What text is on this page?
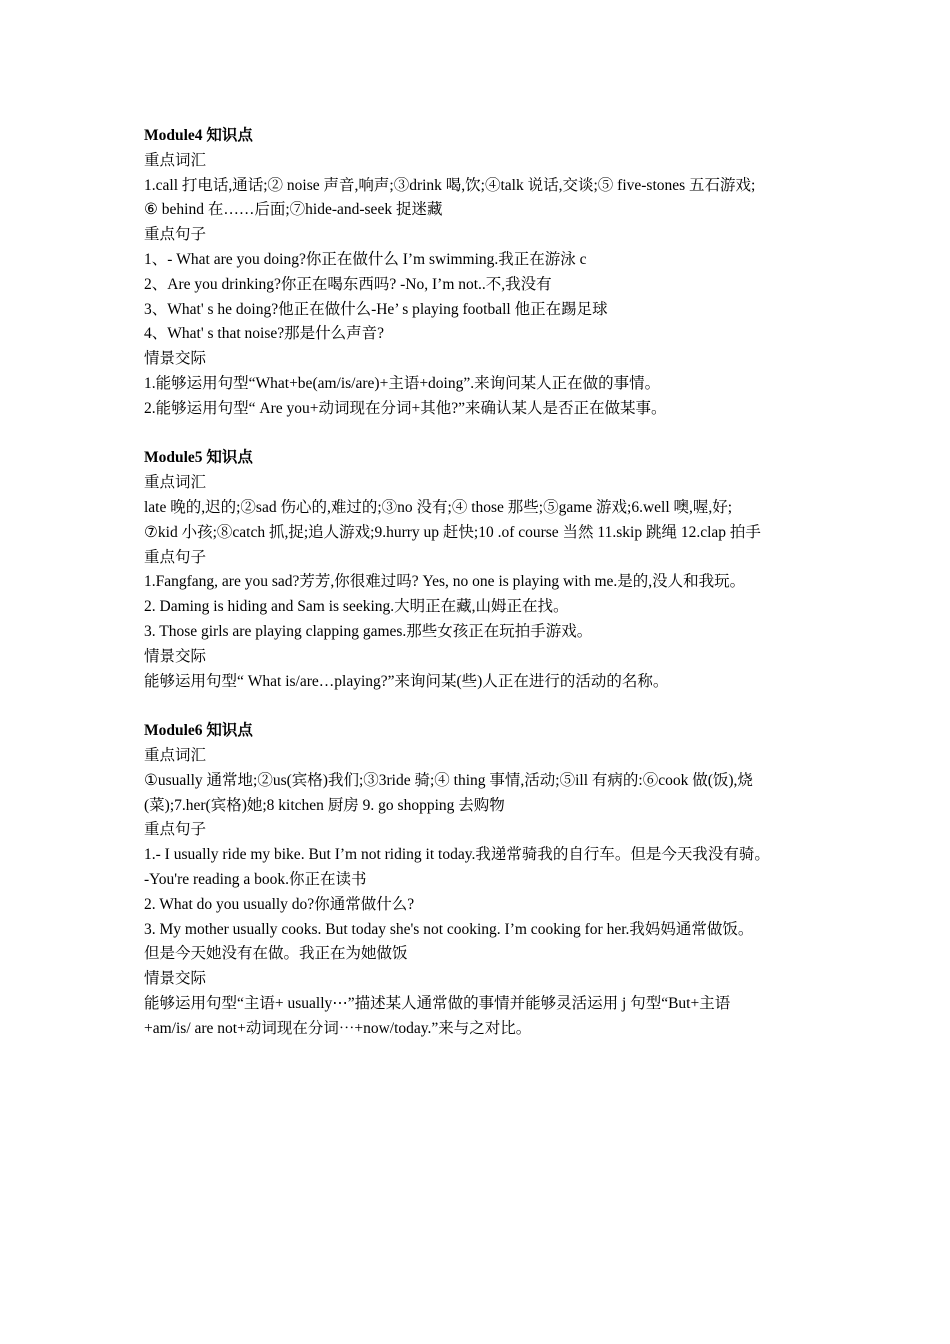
Module4 知识点
重点词汇
1.call 打电话,通话;② noise 声音,响声;③drink 喝,饮;④talk 说话,交谈;⑤ five-stones 五石游戏;
⑥ behind 在……后面;⑦hide-and-seek 捉迷藏
重点句子
1、- What are you doing?你正在做什么 I’m swimming.我正在游泳 c
2、Are you drinking?你正在喝东西吗? -No, I’m not..不,我没有
3、What' s he doing?他正在做什么-He’ s playing football 他正在踢足球
4、What' s that noise?那是什么声音?
情景交际
1.能够运用句型“What+be(am/is/are)+主语+doing”.来询问某人正在做的事情。
2.能够运用句型“ Are you+动词现在分词+其他?”来确认某人是否正在做某事。
Module5 知识点
重点词汇
late 晚的,迟的;②sad 伤心的,难过的;③no 没有;④ those 那些;⑤game 游戏;6.well 噢,喔,好;
⑦kid 小孩;⑧catch 抓,捉;追人游戏;9.hurry up 赶快;10 .of course 当然 11.skip 跳绳 12.clap 拍手
重点句子
1.Fangfang, are you sad?芳芳,你很难过吗? Yes, no one is playing with me.是的,没人和我玩。
2. Daming is hiding and Sam is seeking.大明正在藏,山姆正在找。
3. Those girls are playing clapping games.那些女孩正在玩拍手游戏。
情景交际
能够运用句型“ What is/are…playing?”来询问某(些)人正在进行的活动的名称。
Module6 知识点
重点词汇
①usually 通常地;②us(宾格)我们;③3ride 骑;④ thing 事情,活动;⑤ill 有病的:⑥cook 做(饭),烧
(菜);7.her(宾格)她;8 kitchen 厨房 9. go shopping 去购物
重点句子
1.- I usually ride my bike. But I’m not riding it today.我递常骑我的自行车。但是今天我没有骑。
-You're reading a book.你正在读书
2. What do you usually do?你通常做什么?
3. My mother usually cooks. But today she's not cooking. I’m cooking for her.我妈妈通常做饭。
但是今天她没有在做。我正在为她做饭
情景交际
能够运用句型“主语+ usually⋯”描述某人通常做的事情并能够灵活运用 j 句型“But+主语
+am/is/ are not+动词现在分词⋯+now/today.”来与之对比。
